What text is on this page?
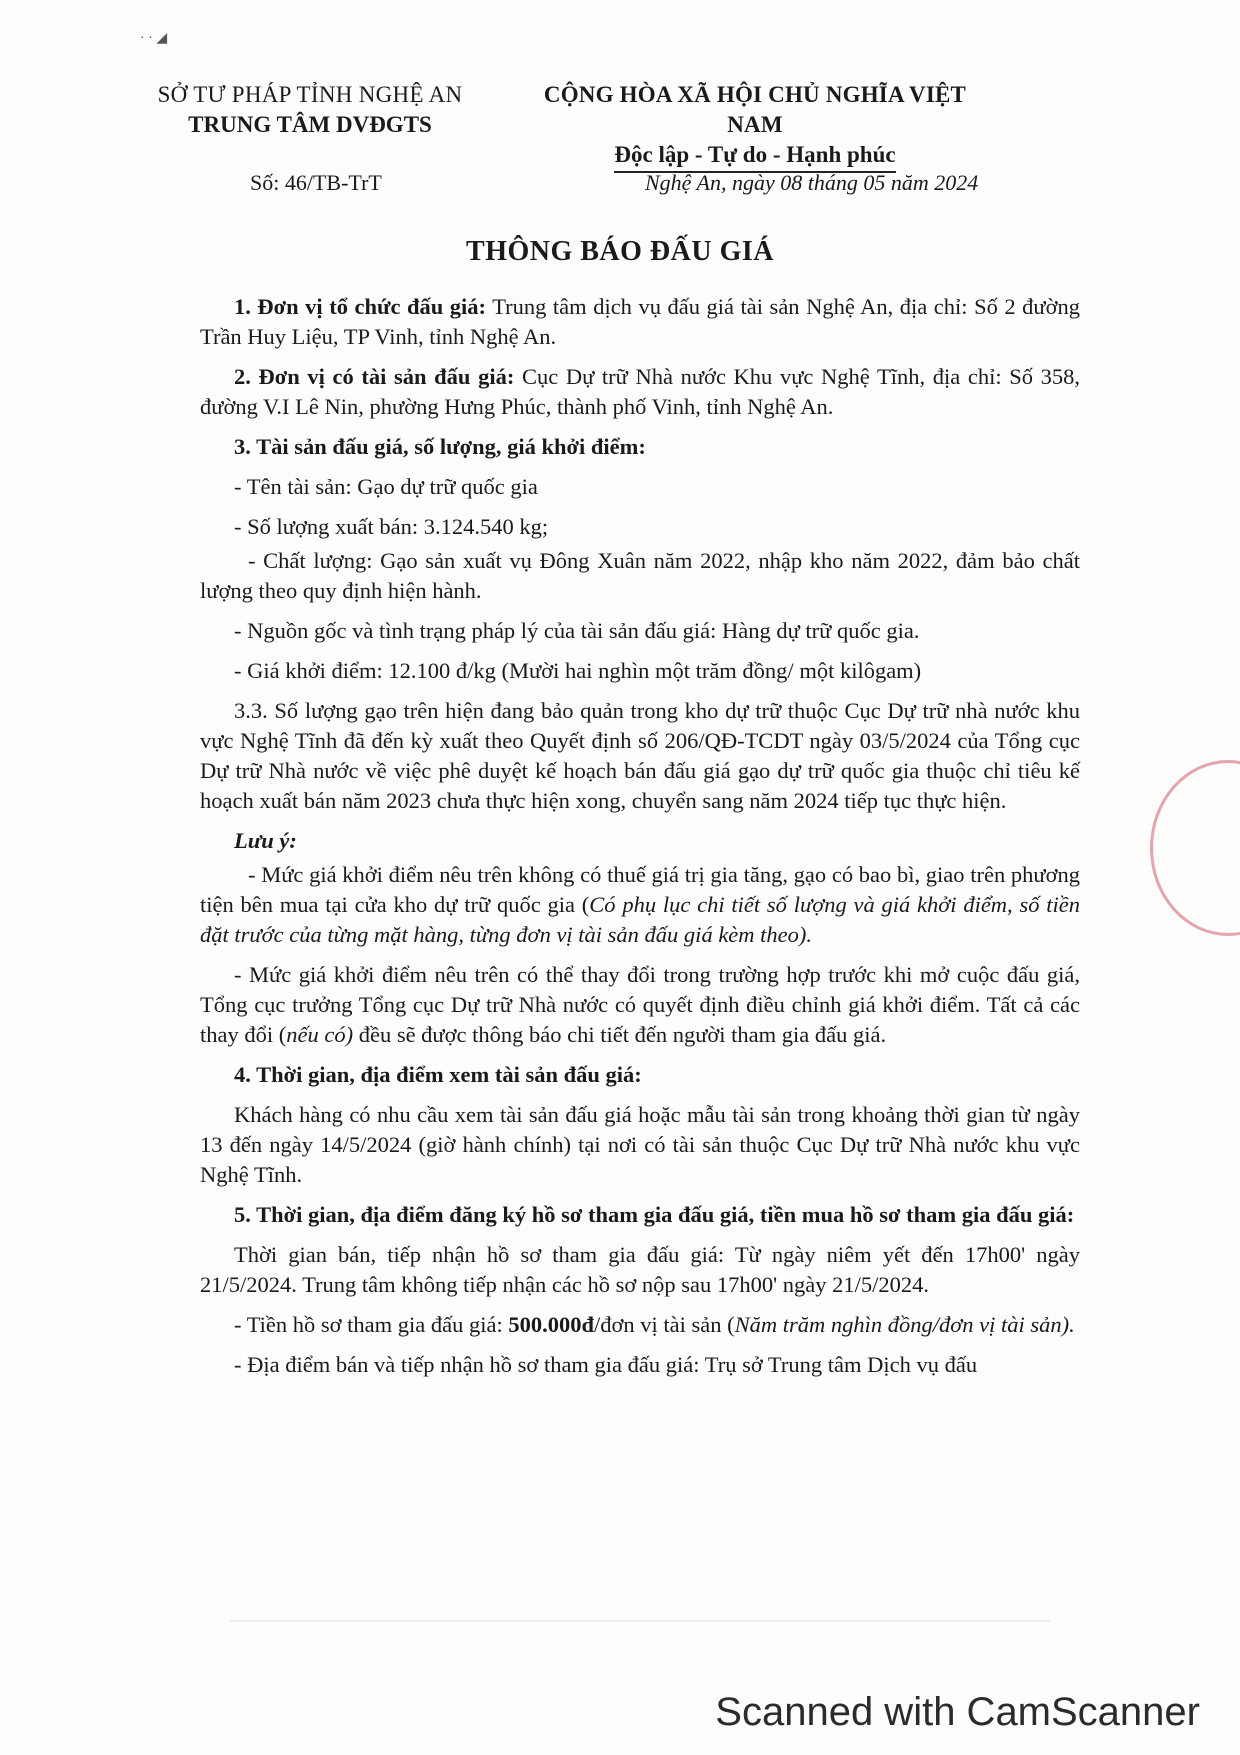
· · ◢
SỞ TƯ PHÁP TỈNH NGHỆ AN
TRUNG TÂM DVĐGTS
CỘNG HÒA XÃ HỘI CHỦ NGHĨA VIỆT NAM
Độc lập - Tự do - Hạnh phúc
Số: 46/TB-TrT	Nghệ An, ngày 08 tháng 05 năm 2024
THÔNG BÁO ĐẤU GIÁ

1. Đơn vị tổ chức đấu giá: Trung tâm dịch vụ đấu giá tài sản Nghệ An, địa chỉ: Số 2 đường Trần Huy Liệu, TP Vinh, tỉnh Nghệ An.

2. Đơn vị có tài sản đấu giá: Cục Dự trữ Nhà nước Khu vực Nghệ Tĩnh, địa chỉ: Số 358, đường V.I Lê Nin, phường Hưng Phúc, thành phố Vinh, tỉnh Nghệ An.

3. Tài sản đấu giá, số lượng, giá khởi điểm:

- Tên tài sản: Gạo dự trữ quốc gia

- Số lượng xuất bán: 3.124.540 kg;

- Chất lượng: Gạo sản xuất vụ Đông Xuân năm 2022, nhập kho năm 2022, đảm bảo chất lượng theo quy định hiện hành.

- Nguồn gốc và tình trạng pháp lý của tài sản đấu giá: Hàng dự trữ quốc gia.

- Giá khởi điểm: 12.100 đ/kg (Mười hai nghìn một trăm đồng/ một kilôgam)

3.3. Số lượng gạo trên hiện đang bảo quản trong kho dự trữ thuộc Cục Dự trữ nhà nước khu vực Nghệ Tĩnh đã đến kỳ xuất theo Quyết định số 206/QĐ-TCDT ngày 03/5/2024 của Tổng cục Dự trữ Nhà nước về việc phê duyệt kế hoạch bán đấu giá gạo dự trữ quốc gia thuộc chỉ tiêu kế hoạch xuất bán năm 2023 chưa thực hiện xong, chuyển sang năm 2024 tiếp tục thực hiện.

Lưu ý:

- Mức giá khởi điểm nêu trên không có thuế giá trị gia tăng, gạo có bao bì, giao trên phương tiện bên mua tại cửa kho dự trữ quốc gia (Có phụ lục chi tiết số lượng và giá khởi điểm, số tiền đặt trước của từng mặt hàng, từng đơn vị tài sản đấu giá kèm theo).

- Mức giá khởi điểm nêu trên có thể thay đổi trong trường hợp trước khi mở cuộc đấu giá, Tổng cục trưởng Tổng cục Dự trữ Nhà nước có quyết định điều chỉnh giá khởi điểm. Tất cả các thay đổi (nếu có) đều sẽ được thông báo chi tiết đến người tham gia đấu giá.

4. Thời gian, địa điểm xem tài sản đấu giá:

Khách hàng có nhu cầu xem tài sản đấu giá hoặc mẫu tài sản trong khoảng thời gian từ ngày 13 đến ngày 14/5/2024 (giờ hành chính) tại nơi có tài sản thuộc Cục Dự trữ Nhà nước khu vực Nghệ Tĩnh.

5. Thời gian, địa điểm đăng ký hồ sơ tham gia đấu giá, tiền mua hồ sơ tham gia đấu giá:

Thời gian bán, tiếp nhận hồ sơ tham gia đấu giá: Từ ngày niêm yết đến 17h00' ngày 21/5/2024. Trung tâm không tiếp nhận các hồ sơ nộp sau 17h00' ngày 21/5/2024.

- Tiền hồ sơ tham gia đấu giá: 500.000đ/đơn vị tài sản (Năm trăm nghìn đồng/đơn vị tài sản).

- Địa điểm bán và tiếp nhận hồ sơ tham gia đấu giá: Trụ sở Trung tâm Dịch vụ đấu

Scanned with CamScanner
